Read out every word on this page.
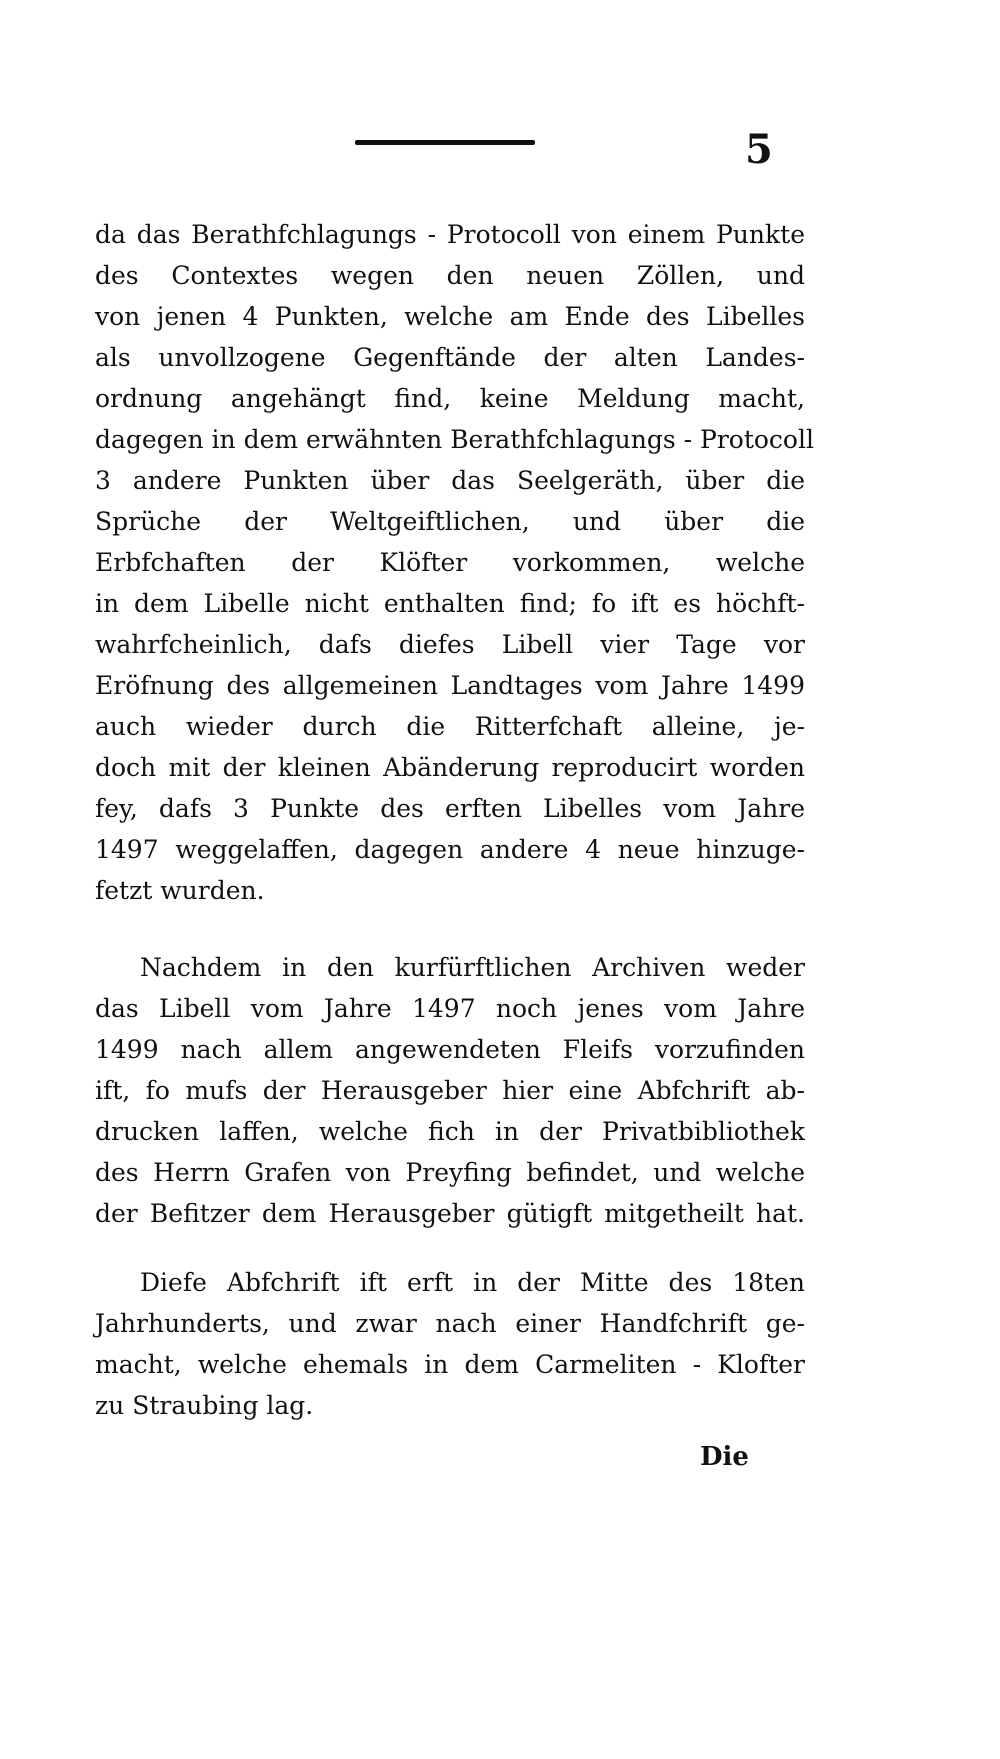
5
da das Berathfchlagungs - Protocoll von einem Punkte
des Contextes wegen den neuen Zöllen, und
von jenen 4 Punkten, welche am Ende des Libelles
als unvollzogene Gegenftände der alten Landes-
ordnung angehängt find, keine Meldung macht,
dagegen in dem erwähnten Berathfchlagungs - Protocoll
3 andere Punkten über das Seelgeräth, über die
Sprüche der Weltgeiftlichen, und über die
Erbfchaften der Klöfter vorkommen, welche
in dem Libelle nicht enthalten find; fo ift es höchft-
wahrfcheinlich, dafs diefes Libell vier Tage vor
Eröfnung des allgemeinen Landtages vom Jahre 1499
auch wieder durch die Ritterfchaft alleine, je-
doch mit der kleinen Abänderung reproducirt worden
fey, dafs 3 Punkte des erften Libelles vom Jahre
1497 weggelaffen, dagegen andere 4 neue hinzuge-
fetzt wurden.
Nachdem in den kurfürftlichen Archiven weder
das Libell vom Jahre 1497 noch jenes vom Jahre
1499 nach allem angewendeten Fleifs vorzufinden
ift, fo mufs der Herausgeber hier eine Abfchrift ab-
drucken laffen, welche fich in der Privatbibliothek
des Herrn Grafen von Preyfing befindet, und welche
der Befitzer dem Herausgeber gütigft mitgetheilt hat.
Diefe Abfchrift ift erft in der Mitte des 18ten
Jahrhunderts, und zwar nach einer Handfchrift ge-
macht, welche ehemals in dem Carmeliten - Klofter
zu Straubing lag.
Die
